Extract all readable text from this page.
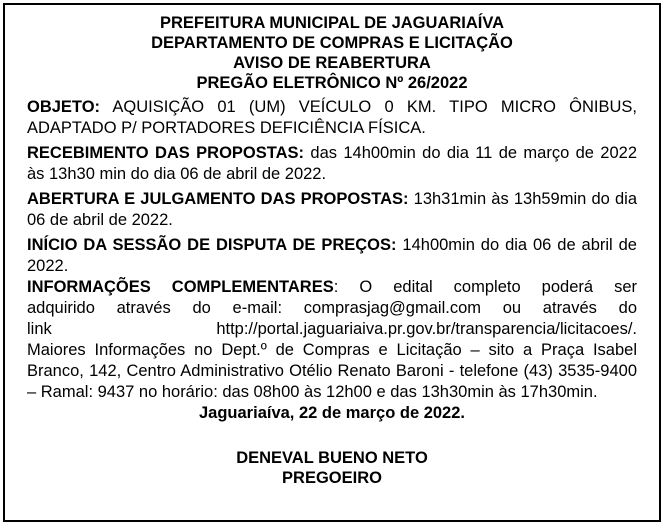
PREFEITURA MUNICIPAL DE JAGUARIAÍVA

DEPARTAMENTO DE COMPRAS E LICITAÇÃO

AVISO DE REABERTURA

PREGÃO ELETRÔNICO Nº 26/2022

OBJETO: AQUISIÇÃO 01 (UM) VEÍCULO 0 KM. TIPO MICRO ÔNIBUS, ADAPTADO P/ PORTADORES DEFICIÊNCIA FÍSICA.

RECEBIMENTO DAS PROPOSTAS: das 14h00min do dia 11 de março de 2022 às 13h30 min do dia 06 de abril de 2022.

ABERTURA E JULGAMENTO DAS PROPOSTAS: 13h31min às 13h59min do dia 06 de abril de 2022.

INÍCIO DA SESSÃO DE DISPUTA DE PREÇOS: 14h00min do dia 06 de abril de 2022.

INFORMAÇÕES COMPLEMENTARES: O edital completo poderá ser
adquirido através do e-mail: comprasjag@gmail.com ou através do
link http://portal.jaguariaiva.pr.gov.br/transparencia/licitacoes/.
Maiores Informações no Dept.º de Compras e Licitação – sito a Praça Isabel Branco, 142, Centro Administrativo Otélio Renato Baroni - telefone (43) 3535-9400 – Ramal: 9437 no horário: das 08h00 às 12h00 e das 13h30min às 17h30min.

Jaguariaíva, 22 de março de 2022.

DENEVAL BUENO NETO

PREGOEIRO
